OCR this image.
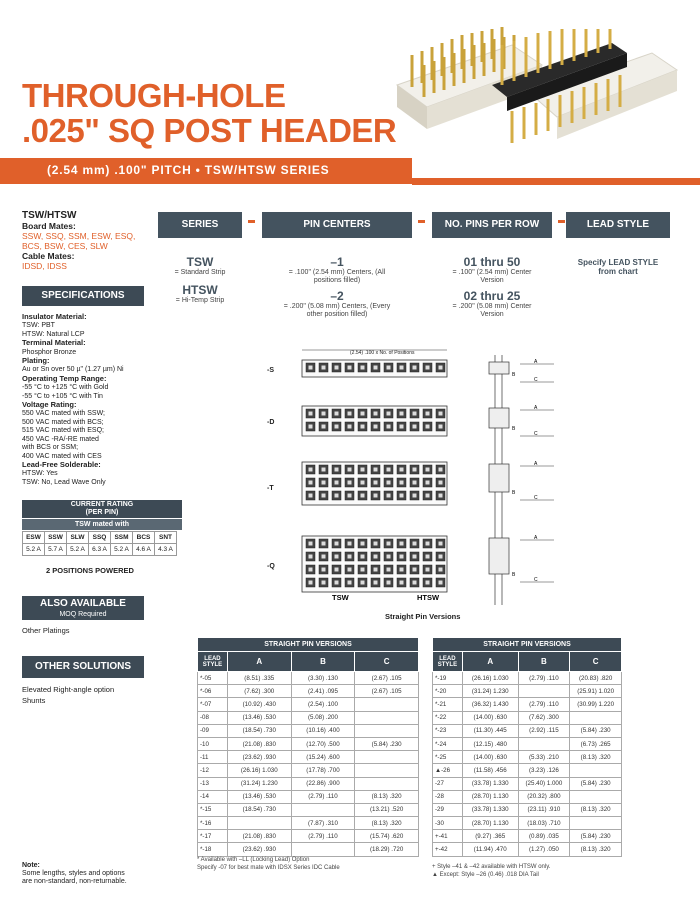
THROUGH-HOLE
.025" SQ POST HEADER
(2.54 mm) .100" PITCH • TSW/HTSW SERIES
TSW/HTSW
Board Mates:
SSW, SSQ, SSM, ESW, ESQ, BCS, BSW, CES, SLW
Cable Mates:
IDSD, IDSS
SPECIFICATIONS
Insulator Material:
TSW: PBT
HTSW: Natural LCP
Terminal Material:
Phosphor Bronze
Plating:
Au or Sn over 50 µ" (1.27 µm) Ni
Operating Temp Range:
-55 °C to +125 °C with Gold
-55 °C to +105 °C with Tin
Voltage Rating:
550 VAC mated with SSW;
500 VAC mated with BCS;
515 VAC mated with ESQ;
450 VAC -RA/-RE mated
with BCS or SSM;
400 VAC mated with CES
Lead-Free Solderable:
HTSW: Yes
TSW: No, Lead Wave Only
CURRENT RATING
(PER PIN)
TSW mated with
ESW	SSW	SLW	SSQ	SSM	BCS	SNT
5.2 A	5.7 A	5.2 A	6.3 A	5.2 A	4.6 A	4.3 A
2 POSITIONS POWERED
ALSO AVAILABLE
MOQ Required
Other Platings
OTHER SOLUTIONS
Elevated Right-angle option
Shunts
Note:
Some lengths, styles and options are non-standard, non-returnable.
SERIES	PIN CENTERS	NO. PINS PER ROW	LEAD STYLE
TSW
= Standard Strip
HTSW
= Hi-Temp Strip
–1
= .100" (2.54 mm) Centers, (All positions filled)
–2
= .200" (5.08 mm) Centers, (Every other position filled)
01 thru 50
= .100" (2.54 mm) Center Version
02 thru 25
= .200" (5.08 mm) Center Version
Specify LEAD STYLE from chart
-S
-D
-T
-Q
(2.54) .100 x No. of Positions
A
C
B
A
C
B
A
C
B
A
C
B
TSW	HTSW
Straight Pin Versions
STRAIGHT PIN VERSIONS			
LEAD STYLE	A	B	C
*-05	(8.51) .335	(3.30) .130	(2.67) .105
*-06	(7.62) .300	(2.41) .095	(2.67) .105
*-07	(10.92) .430	(2.54) .100	
-08	(13.46) .530	(5.08) .200	
-09	(18.54) .730	(10.16) .400	
-10	(21.08) .830	(12.70) .500	(5.84) .230
-11	(23.62) .930	(15.24) .600	
-12	(26.16) 1.030	(17.78) .700	
-13	(31.24) 1.230	(22.86) .900	
-14	(13.46) .530	(2.79) .110	(8.13) .320
*-15	(18.54) .730		(13.21) .520
*-16		(7.87) .310	(8.13) .320
*-17	(21.08) .830	(2.79) .110	(15.74) .620
*-18	(23.62) .930		(18.29) .720
* Available with –LL (Locking Lead) Option
Specify -07 for best mate with IDSX Series IDC Cable
STRAIGHT PIN VERSIONS			
LEAD STYLE	A	B	C
*-19	(26.16) 1.030	(2.79) .110	(20.83) .820
*-20	(31.24) 1.230		(25.91) 1.020
*-21	(36.32) 1.430	(2.79) .110	(30.99) 1.220
*-22	(14.00) .630	(7.62) .300	
*-23	(11.30) .445	(2.92) .115	(5.84) .230
*-24	(12.15) .480		(6.73) .265
*-25	(14.00) .630	(5.33) .210	(8.13) .320
▲-26	(11.58) .456	(3.23) .126	
-27	(33.78) 1.330	(25.40) 1.000	(5.84) .230
-28	(28.70) 1.130	(20.32) .800	
-29	(33.78) 1.330	(23.11) .910	(8.13) .320
-30	(28.70) 1.130	(18.03) .710	
+-41	(9.27) .365	(0.89) .035	(5.84) .230
+-42	(11.94) .470	(1.27) .050	(8.13) .320
+ Style –41 & –42 available with HTSW only.
▲ Except: Style –26 (0.46) .018 DIA Tail
